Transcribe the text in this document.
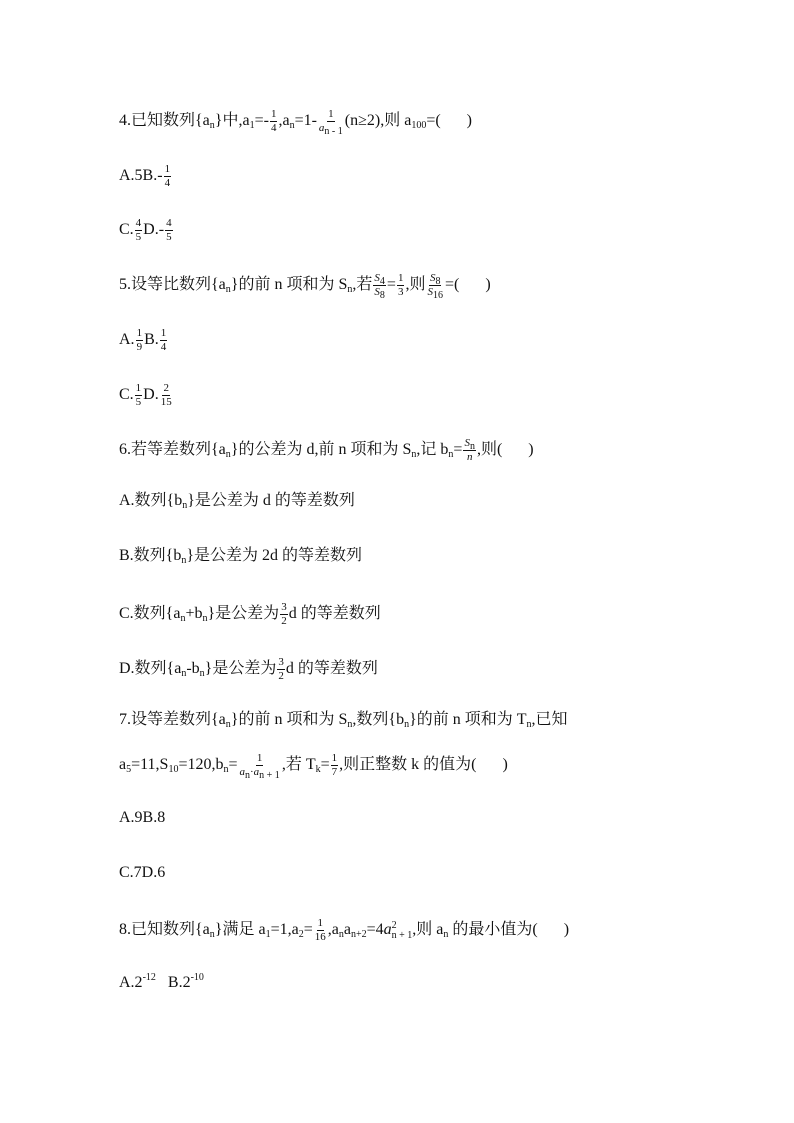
4.已知数列$\{a_n\}$中$,a_1=- \frac{1}{4} ,a_n=1- \frac{1}{a_{n - 1}} (n\ge 2)$,则 $a_{100}=$( )
$A.5B.- \frac{1}{4}$
C. $\frac{4}{5} D.- \frac{4}{5}$
5.设等比数列$\{a_n\}$的前 n 项和为 $S_n$,若 $\frac{S_4}{S_8} = \frac{1}{3}$ ,则 $\frac{S_8}{S_{16}}$ =( )
A. $\frac{1}{9} B$. $\frac{1}{4}$
C. $\frac{1}{5} D$. $\frac{2}{15}$
6.若等差数列$\{a_n\}$的公差为 d,前 n 项和为 $S_n$,记 $b_n= \frac{S_n}{n}$ ,则( )
A.数列$\{b_n\}$是公差为 d 的等差数列
B.数列$\{b_n\}$是公差为 2d 的等差数列
C.数列$\{a_n+b_n\}$是公差为 $\frac{3}{2}$ d 的等差数列
D.数列$\{a_n-b_n\}$是公差为 $\frac{3}{2}$ d 的等差数列
7.设等差数列$\{a_n\}$的前 n 项和为 $S_n$,数列$\{b_n\}$的前 n 项和为 $T_n$,已知
$a_5=11,S_{10}=120,b_n= \frac{1}{a_n\cdot a_{n + 1}}$ ,若 $T_k= \frac{1}{7}$ ,则正整数 k 的值为( )
A.9B.8
C.7D.6
8.已知数列$\{a_n\}$满足 $a_1=1,a_2= \frac{1}{16} ,a_na_{n+2}=4a$ 2
n + 1 ,则 $a_n$ 的最小值为( )
$A.2^{-12}$ $B.2^{-10}$
